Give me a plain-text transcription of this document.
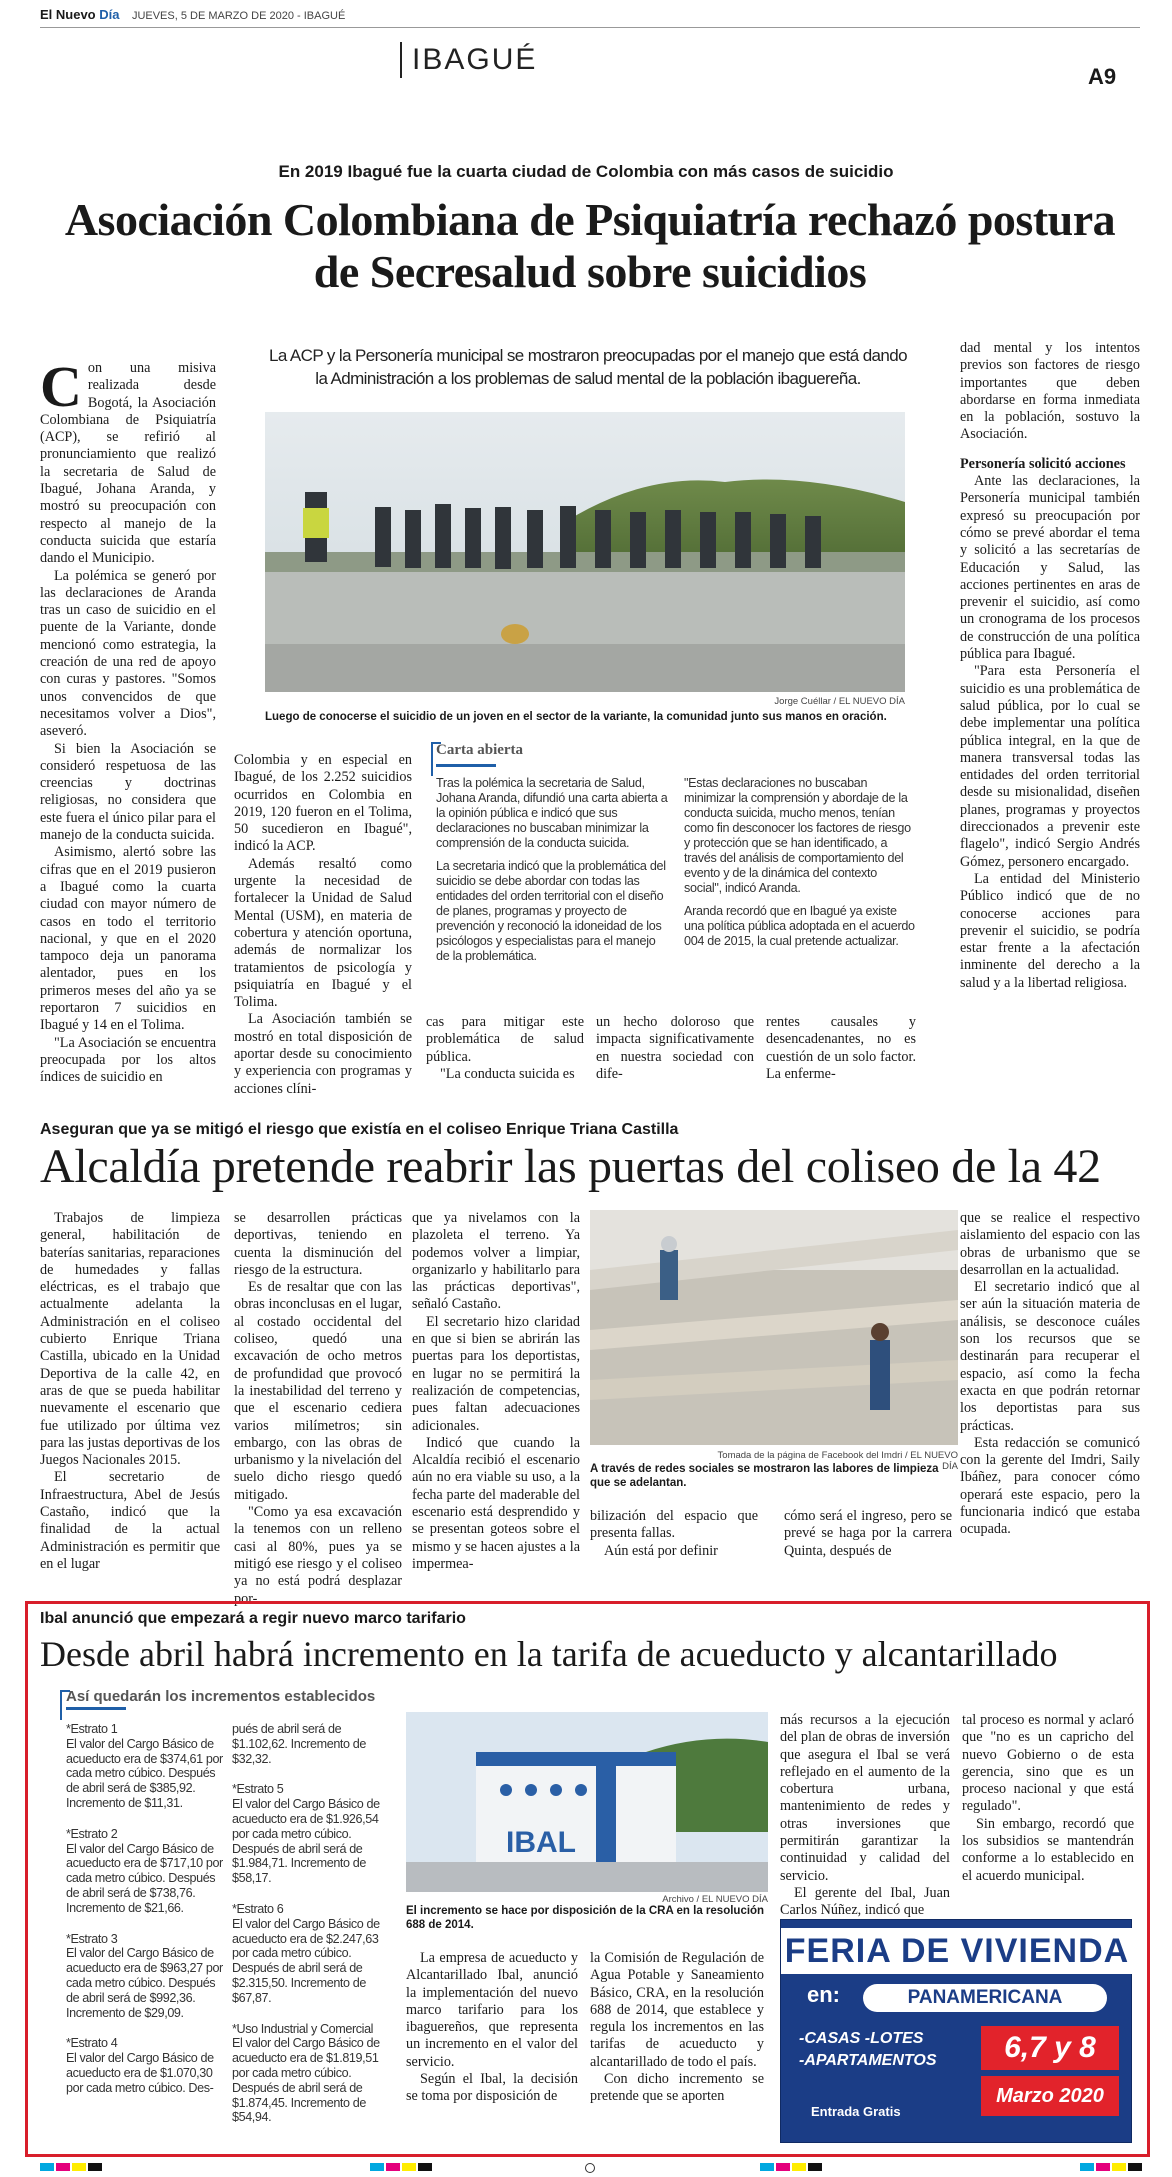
El Nuevo Día JUEVES, 5 DE MARZO DE 2020 - IBAGUÉ
IBAGUÉ
A9
En 2019 Ibagué fue la cuarta ciudad de Colombia con más casos de suicidio
Asociación Colombiana de Psiquiatría rechazó postura de Secresalud sobre suicidios
La ACP y la Personería municipal se mostraron preocupadas por el manejo que está dando la Administración a los problemas de salud mental de la población ibaguereña.

Con una misiva realizada desde Bogotá, la Asociación Colombiana de Psiquiatría (ACP), se refirió al pronunciamiento que realizó la secretaria de Salud de Ibagué, Johana Aranda, y mostró su preocupación con respecto al manejo de la conducta suicida que estaría dando el Municipio.

La polémica se generó por las declaraciones de Aranda tras un caso de suicidio en el puente de la Variante, donde mencionó como estrategia, la creación de una red de apoyo con curas y pastores. "Somos unos convencidos de que necesitamos volver a Dios", aseveró.

Si bien la Asociación se consideró respetuosa de las creencias y doctrinas religiosas, no considera que este fuera el único pilar para el manejo de la conducta suicida.

Asimismo, alertó sobre las cifras que en el 2019 pusieron a Ibagué como la cuarta ciudad con mayor número de casos en todo el territorio nacional, y que en el 2020 tampoco deja un panorama alentador, pues en los primeros meses del año ya se reportaron 7 suicidios en Ibagué y 14 en el Tolima.

"La Asociación se encuentra preocupada por los altos índices de suicidio en

Jorge Cuéllar / EL NUEVO DÍA
Luego de conocerse el suicidio de un joven en el sector de la variante, la comunidad junto sus manos en oración.

Colombia y en especial en Ibagué, de los 2.252 suicidios ocurridos en Colombia en 2019, 120 fueron en el Tolima, 50 sucedieron en Ibagué", indicó la ACP.

Además resaltó como urgente la necesidad de fortalecer la Unidad de Salud Mental (USM), en materia de cobertura y atención oportuna, además de normalizar los tratamientos de psicología y psiquiatría en Ibagué y el Tolima.

La Asociación también se mostró en total disposición de aportar desde su conocimiento y experiencia con programas y acciones clíni-

Carta abierta

Tras la polémica la secretaria de Salud, Johana Aranda, difundió una carta abierta a la opinión pública e indicó que sus declaraciones no buscaban minimizar la comprensión de la conducta suicida.

La secretaria indicó que la problemática del suicidio se debe abordar con todas las entidades del orden territorial con el diseño de planes, programas y proyecto de prevención y reconoció la idoneidad de los psicólogos y especialistas para el manejo de la problemática.

"Estas declaraciones no buscaban minimizar la comprensión y abordaje de la conducta suicida, mucho menos, tenían como fin desconocer los factores de riesgo y protección que se han identificado, a través del análisis de comportamiento del evento y de la dinámica del contexto social", indicó Aranda.

Aranda recordó que en Ibagué ya existe una política pública adoptada en el acuerdo 004 de 2015, la cual pretende actualizar.

cas para mitigar este problemática de salud pública.

"La conducta suicida es

un hecho doloroso que impacta significativamente en nuestra sociedad con dife-

rentes causales y desencadenantes, no es cuestión de un solo factor. La enferme-

dad mental y los intentos previos son factores de riesgo importantes que deben abordarse en forma inmediata en la población, sostuvo la Asociación.

Personería solicitó acciones

Ante las declaraciones, la Personería municipal también expresó su preocupación por cómo se prevé abordar el tema y solicitó a las secretarías de Educación y Salud, las acciones pertinentes en aras de prevenir el suicidio, así como un cronograma de los procesos de construcción de una política pública para Ibagué.

"Para esta Personería el suicidio es una problemática de salud pública, por lo cual se debe implementar una política pública integral, en la que de manera transversal todas las entidades del orden territorial desde su misionalidad, diseñen planes, programas y proyectos direccionados a prevenir este flagelo", indicó Sergio Andrés Gómez, personero encargado.

La entidad del Ministerio Público indicó que de no conocerse acciones para prevenir el suicidio, se podría estar frente a la afectación inminente del derecho a la salud y a la libertad religiosa.

Aseguran que ya se mitigó el riesgo que existía en el coliseo Enrique Triana Castilla
Alcaldía pretende reabrir las puertas del coliseo de la 42

Trabajos de limpieza general, habilitación de baterías sanitarias, reparaciones de humedades y fallas eléctricas, es el trabajo que actualmente adelanta la Administración en el coliseo cubierto Enrique Triana Castilla, ubicado en la Unidad Deportiva de la calle 42, en aras de que se pueda habilitar nuevamente el escenario que fue utilizado por última vez para las justas deportivas de los Juegos Nacionales 2015.

El secretario de Infraestructura, Abel de Jesús Castaño, indicó que la finalidad de la actual Administración es permitir que en el lugar

se desarrollen prácticas deportivas, teniendo en cuenta la disminución del riesgo de la estructura.

Es de resaltar que con las obras inconclusas en el lugar, al costado occidental del coliseo, quedó una excavación de ocho metros de profundidad que provocó la inestabilidad del terreno y que el escenario cediera varios milímetros; sin embargo, con las obras de urbanismo y la nivelación del suelo dicho riesgo quedó mitigado.

"Como ya esa excavación la tenemos con un relleno casi al 80%, pues ya se mitigó ese riesgo y el coliseo ya no está podrá desplazar por-

que ya nivelamos con la plazoleta el terreno. Ya podemos volver a limpiar, organizarlo y habilitarlo para las prácticas deportivas", señaló Castaño.

El secretario hizo claridad en que si bien se abrirán las puertas para los deportistas, en lugar no se permitirá la realización de competencias, pues faltan adecuaciones adicionales.

Indicó que cuando la Alcaldía recibió el escenario aún no era viable su uso, a la fecha parte del maderable del escenario está desprendido y se presentan goteos sobre el mismo y se hacen ajustes a la impermea-

Tomada de la página de Facebook del Imdri / EL NUEVO DÍA
A través de redes sociales se mostraron las labores de limpieza que se adelantan.

bilización del espacio que presenta fallas.

Aún está por definir

cómo será el ingreso, pero se prevé se haga por la carrera Quinta, después de

que se realice el respectivo aislamiento del espacio con las obras de urbanismo que se desarrollan en la actualidad.

El secretario indicó que al ser aún la situación materia de análisis, se desconoce cuáles son los recursos que se destinarán para recuperar el espacio, así como la fecha exacta en que podrán retornar los deportistas para sus prácticas.

Esta redacción se comunicó con la gerente del Imdri, Saily Ibáñez, para conocer cómo operará este espacio, pero la funcionaria indicó que estaba ocupada.

Ibal anunció que empezará a regir nuevo marco tarifario
Desde abril habrá incremento en la tarifa de acueducto y alcantarillado
Así quedarán los incrementos establecidos

*Estrato 1
El valor del Cargo Básico de acueducto era de $374,61 por cada metro cúbico. Después de abril será de $385,92. Incremento de $11,31.

*Estrato 2
El valor del Cargo Básico de acueducto era de $717,10 por cada metro cúbico. Después de abril será de $738,76. Incremento de $21,66.

*Estrato 3
El valor del Cargo Básico de acueducto era de $963,27 por cada metro cúbico. Después de abril será de $992,36. Incremento de $29,09.

*Estrato 4
El valor del Cargo Básico de acueducto era de $1.070,30 por cada metro cúbico. Des-

pués de abril será de $1.102,62. Incremento de $32,32.

*Estrato 5
El valor del Cargo Básico de acueducto era de $1.926,54 por cada metro cúbico. Después de abril será de $1.984,71. Incremento de $58,17.

*Estrato 6
El valor del Cargo Básico de acueducto era de $2.247,63 por cada metro cúbico. Después de abril será de $2.315,50. Incremento de $67,87.

*Uso Industrial y Comercial
El valor del Cargo Básico de acueducto era de $1.819,51 por cada metro cúbico. Después de abril será de $1.874,45. Incremento de $54,94.

IBAL
Archivo / EL NUEVO DÍA
El incremento se hace por disposición de la CRA en la resolución 688 de 2014.

La empresa de acueducto y Alcantarillado Ibal, anunció la implementación del nuevo marco tarifario para los ibaguereños, que representa un incremento en el valor del servicio.

Según el Ibal, la decisión se toma por disposición de

la Comisión de Regulación de Agua Potable y Saneamiento Básico, CRA, en la resolución 688 de 2014, que establece y regula los incrementos en las tarifas de acueducto y alcantarillado de todo el país.

Con dicho incremento se pretende que se aporten

más recursos a la ejecución del plan de obras de inversión que asegura el Ibal se verá reflejado en el aumento de la cobertura urbana, mantenimiento de redes y otras inversiones que permitirán garantizar la continuidad y calidad del servicio.

El gerente del Ibal, Juan Carlos Núñez, indicó que

tal proceso es normal y aclaró que "no es un capricho del nuevo Gobierno o de esta gerencia, sino que es un proceso nacional y que está regulado".

Sin embargo, recordó que los subsidios se mantendrán conforme a lo establecido en el acuerdo municipal.

FERIA DE VIVIENDA
en:	PANAMERICANA
-CASAS -LOTES
-APARTAMENTOS
Entrada Gratis
6,7 y 8
Marzo 2020
